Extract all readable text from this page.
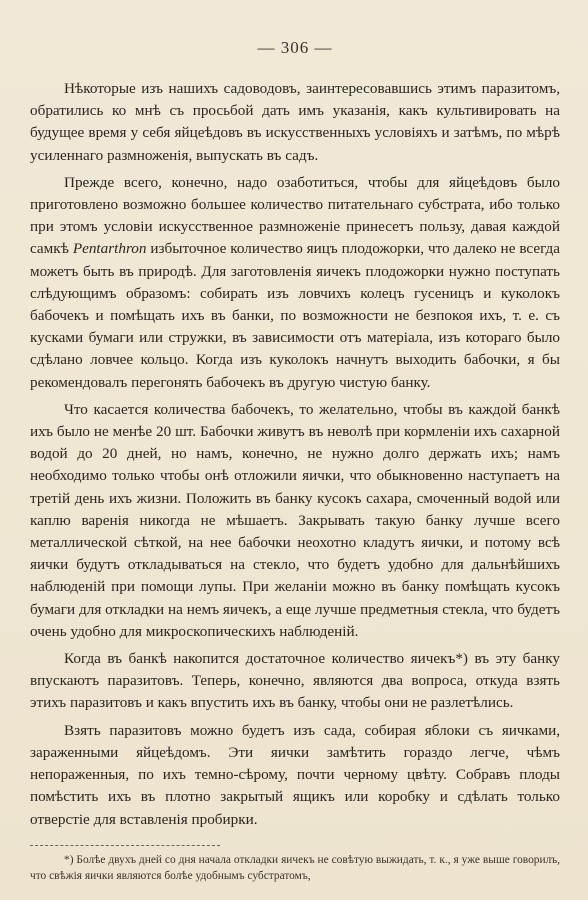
— 306 —

Нѣкоторые изъ нашихъ садоводовъ, заинтересовавшись этимъ паразитомъ, обратились ко мнѣ съ просьбой дать имъ указанія, какъ культивировать на будущее время у себя яйцеѣдовъ въ искусственныхъ условіяхъ и затѣмъ, по мѣрѣ усиленнаго размноженія, выпускать въ садъ.

Прежде всего, конечно, надо озаботиться, чтобы для яйцеѣдовъ было приготовлено возможно большее количество питательнаго субстрата, ибо только при этомъ условіи искусственное размноженіе принесетъ пользу, давая каждой самкѣ Pentarthron избыточное количество яицъ плодожорки, что далеко не всегда можетъ быть въ природѣ. Для заготовленія яичекъ плодожорки нужно поступать слѣдующимъ образомъ: собирать изъ ловчихъ колецъ гусеницъ и куколокъ бабочекъ и помѣщать ихъ въ банки, по возможности не безпокоя ихъ, т. е. съ кусками бумаги или стружки, въ зависимости отъ матеріала, изъ котораго было сдѣлано ловчее кольцо. Когда изъ куколокъ начнутъ выходить бабочки, я бы рекомендовалъ перегонять бабочекъ въ другую чистую банку.

Что касается количества бабочекъ, то желательно, чтобы въ каждой банкѣ ихъ было не менѣе 20 шт. Бабочки живутъ въ неволѣ при кормленіи ихъ сахарной водой до 20 дней, но намъ, конечно, не нужно долго держать ихъ; намъ необходимо только чтобы онѣ отложили яички, что обыкновенно наступаетъ на третій день ихъ жизни. Положить въ банку кусокъ сахара, смоченный водой или каплю варенія никогда не мѣшаетъ. Закрывать такую банку лучше всего металлической сѣткой, на нее бабочки неохотно кладутъ яички, и потому всѣ яички будутъ откладываться на стекло, что будетъ удобно для дальнѣйшихъ наблюденій при помощи лупы. При желаніи можно въ банку помѣщать кусокъ бумаги для откладки на немъ яичекъ, а еще лучше предметныя стекла, что будетъ очень удобно для микроскопическихъ наблюденій.

Когда въ банкѣ накопится достаточное количество яичекъ*) въ эту банку впускаютъ паразитовъ. Теперь, конечно, являются два вопроса, откуда взять этихъ паразитовъ и какъ впустить ихъ въ банку, чтобы они не разлетѣлись.

Взять паразитовъ можно будетъ изъ сада, собирая яблоки съ яичками, зараженными яйцеѣдомъ. Эти яички замѣтить гораздо легче, чѣмъ непораженныя, по ихъ темно-сѣрому, почти черному цвѣту. Собравъ плоды помѣстить ихъ въ плотно закрытый ящикъ или коробку и сдѣлать только отверстіе для вставленія пробирки.

*) Болѣе двухъ дней со дня начала откладки яичекъ не совѣтую выжидать, т. к., я уже выше говорилъ, что свѣжія яички являются болѣе удобнымъ субстратомъ,
